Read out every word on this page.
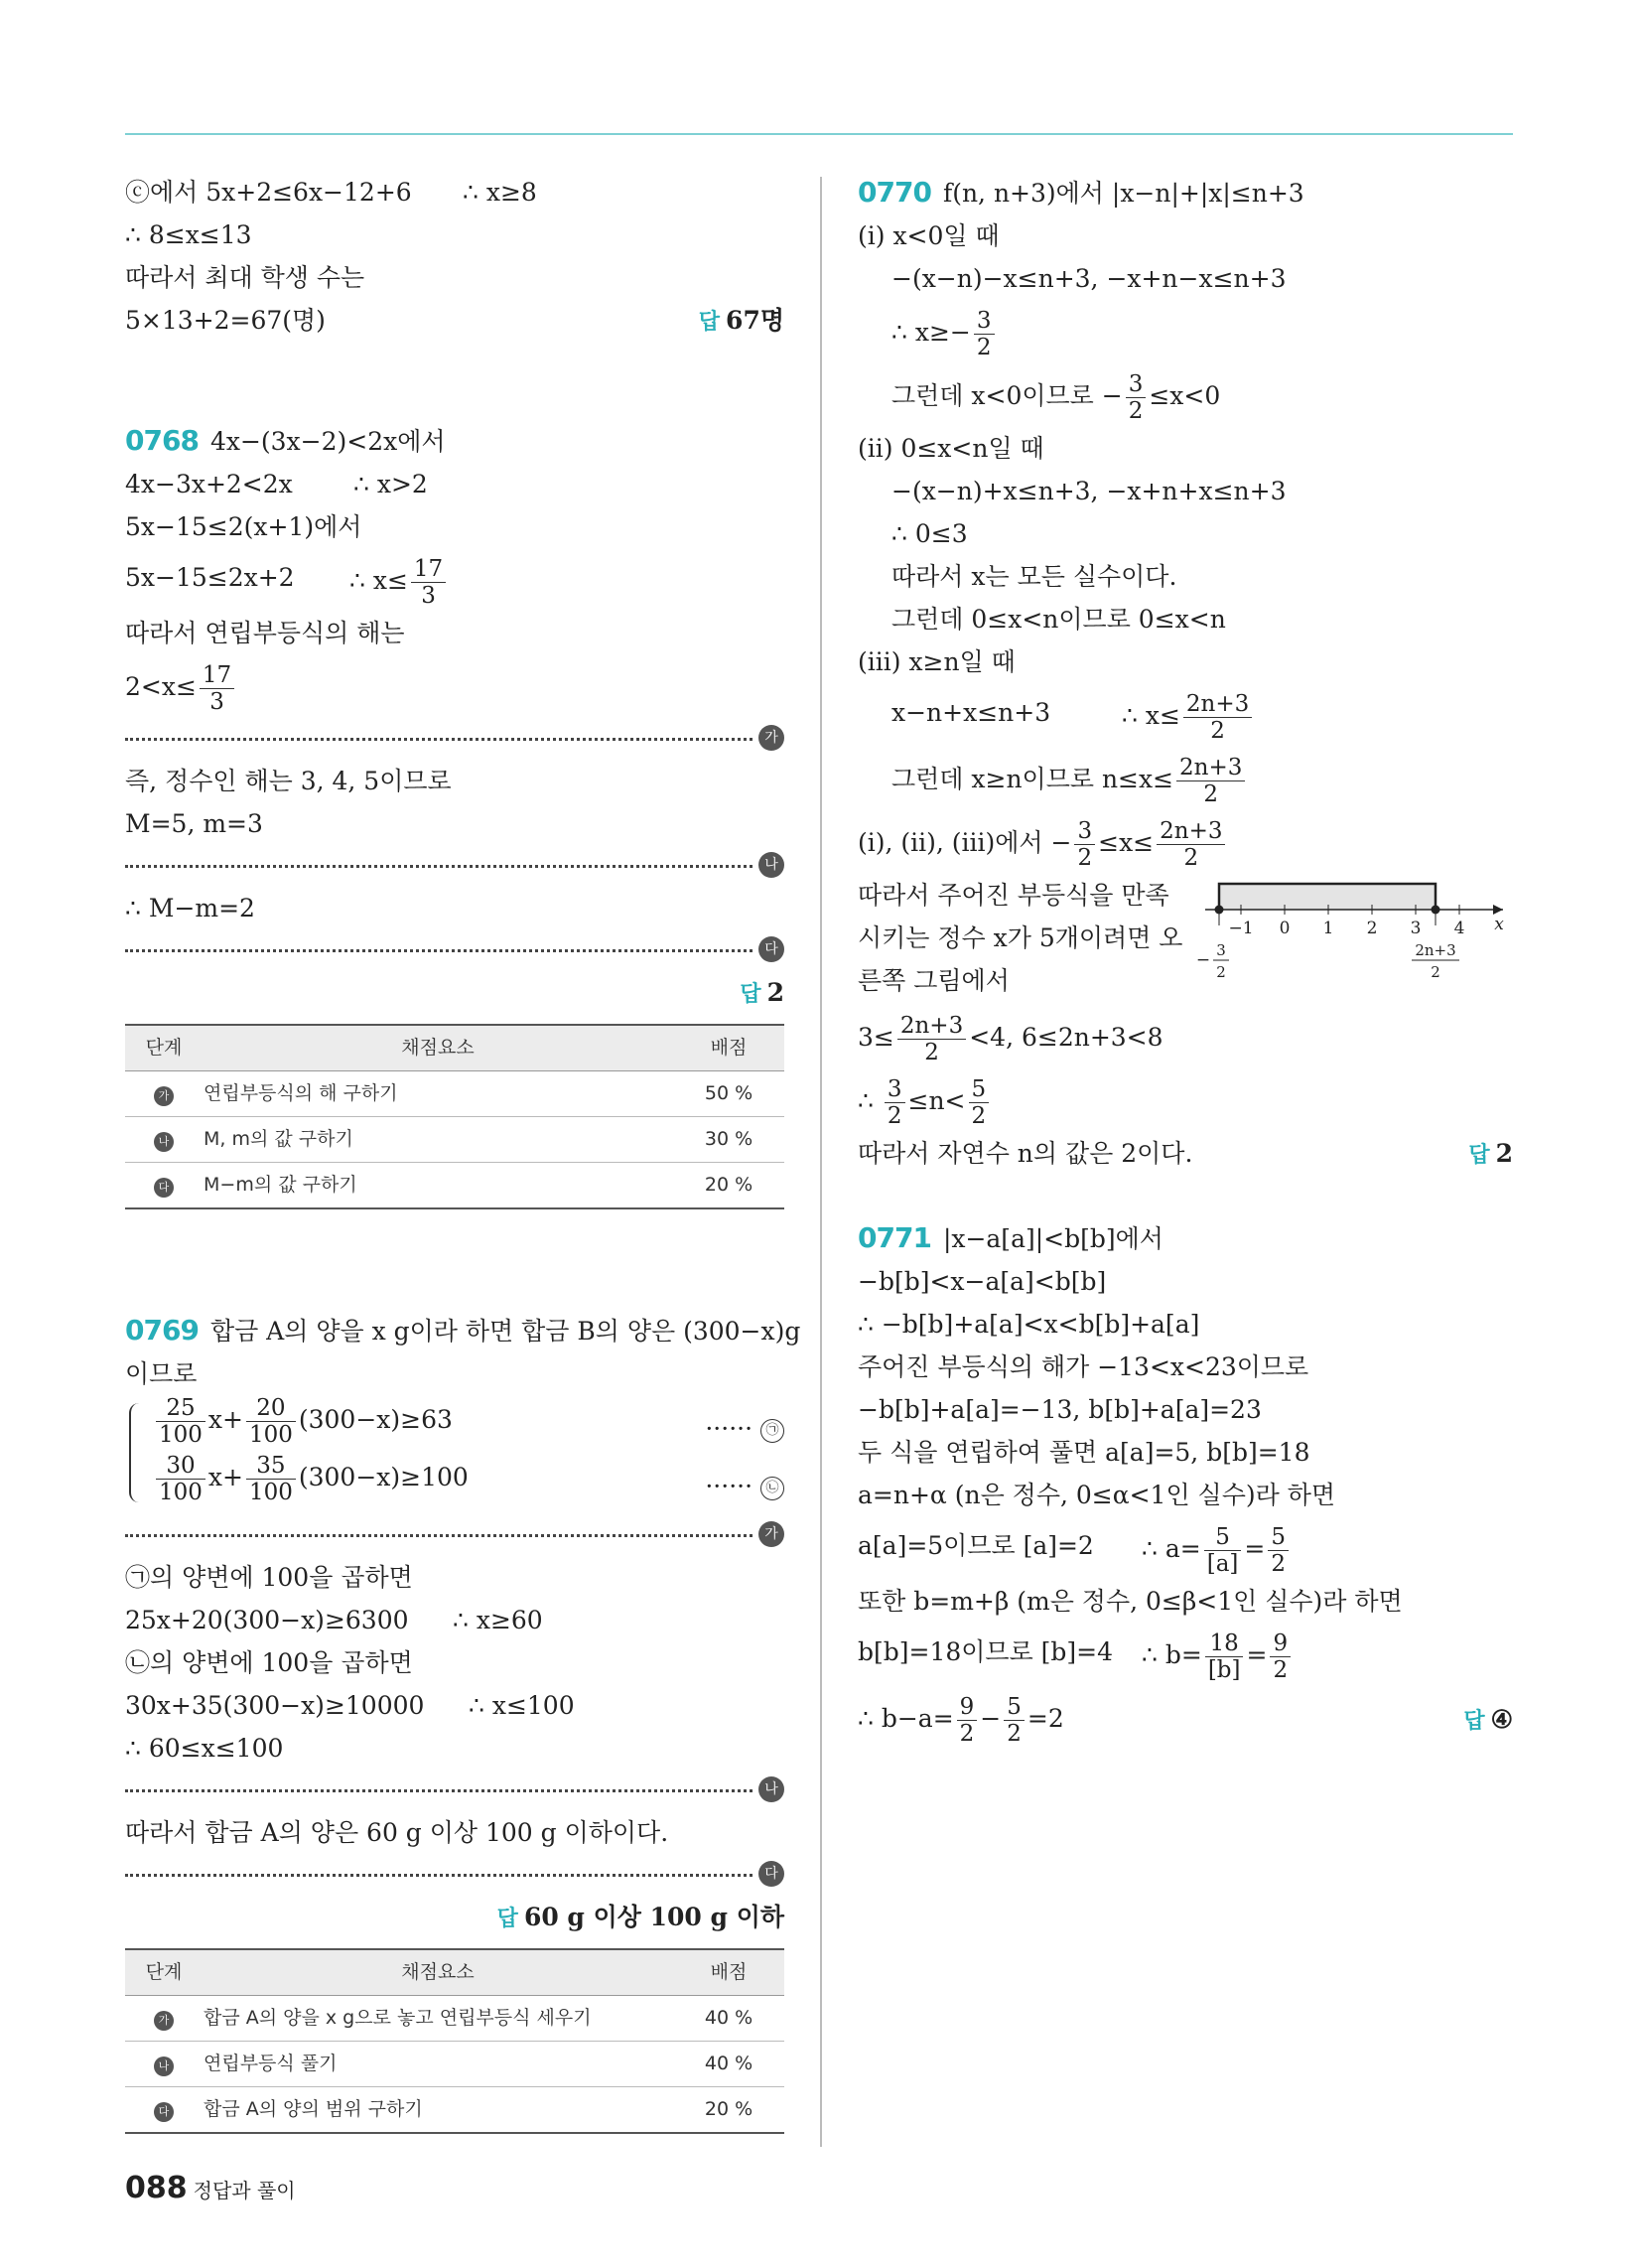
ⓒ에서 5x+2≤6x−12+6 ∴ x≥8
∴ 8≤x≤13
따라서 최대 학생 수는
5×13+2=67(명)	답 67명
0768 4x−(3x−2)<2x에서
4x−3x+2<2x ∴ x>2
5x−15≤2(x+1)에서
5x−15≤2x+2 ∴ $x\le \frac{17}{3}$
따라서 연립부등식의 해는
$2<x\le \frac{17}{3}$
가
즉, 정수인 해는 3, 4, 5이므로
M=5, m=3
나
∴ M−m=2
다
답 2
단계	채점요소	배점
가	연립부등식의 해 구하기	50 %
나	M, m의 값 구하기	30 %
다	M−m의 값 구하기	20 %
0769 합금 A의 양을 x g이라 하면 합금 B의 양은 (300−x)g
이므로
$\frac{25}{100} x+ \frac{20}{100} (300-x)\ge 63$	······ ㉠
$\frac{30}{100} x+ \frac{35}{100} (300-x)\ge 100$	······ ㉡
가
㉠의 양변에 100을 곱하면
25x+20(300−x)≥6300 ∴ x≥60
㉡의 양변에 100을 곱하면
30x+35(300−x)≥10000 ∴ x≤100
∴ 60≤x≤100
나
따라서 합금 A의 양은 60 g 이상 100 g 이하이다.
다
답 60 g 이상 100 g 이하
단계	채점요소	배점
가	합금 A의 양을 x g으로 놓고 연립부등식 세우기	40 %
나	연립부등식 풀기	40 %
다	합금 A의 양의 범위 구하기	20 %
0770 f(n, n+3)에서 |x−n|+|x|≤n+3
(i) x<0일 때
−(x−n)−x≤n+3, −x+n−x≤n+3
∴ $x\ge- \frac{3}{2}$
그런데 x<0이므로 − $\frac{3}{2} \le x<0$
(ii) 0≤x<n일 때
−(x−n)+x≤n+3, −x+n+x≤n+3
∴ 0≤3
따라서 x는 모든 실수이다.
그런데 0≤x<n이므로 0≤x<n
(iii) x≥n일 때
x−n+x≤n+3	∴ $x\le \frac{2n+3}{2}$
그런데 x≥n이므로 $n\le x\le \frac{2n+3}{2}$
(i), (ii), (iii)에서 − $\frac{3}{2} \le x\le \frac{2n+3}{2}$
따라서 주어진 부등식을 만족시키는 정수 x가 5개이려면 오른쪽 그림에서
−1 0 1 2 3 4 x
− 3
2
2n+3
2
$3\le \frac{2n+3}{2} <4$, 6≤2n+3<8
∴ $\frac{3}{2} \le n< \frac{5}{2}$
따라서 자연수 n의 값은 2이다.	답 2
0771 |x−a[a]|<b[b]에서
−b[b]<x−a[a]<b[b]
∴ −b[b]+a[a]<x<b[b]+a[a]
주어진 부등식의 해가 −13<x<23이므로
−b[b]+a[a]=−13, b[b]+a[a]=23
두 식을 연립하여 풀면 a[a]=5, b[b]=18
a=n+α (n은 정수, 0≤α<1인 실수)라 하면
a[a]=5이므로 [a]=2 ∴ $a= \frac{5}{[a]} = \frac{5}{2}$
또한 b=m+β (m은 정수, 0≤β<1인 실수)라 하면
b[b]=18이므로 [b]=4 ∴ $b= \frac{18}{[b]} = \frac{9}{2}$
∴ $b-a= \frac{9}{2} - \frac{5}{2} =2$	답 ④
088 정답과 풀이
